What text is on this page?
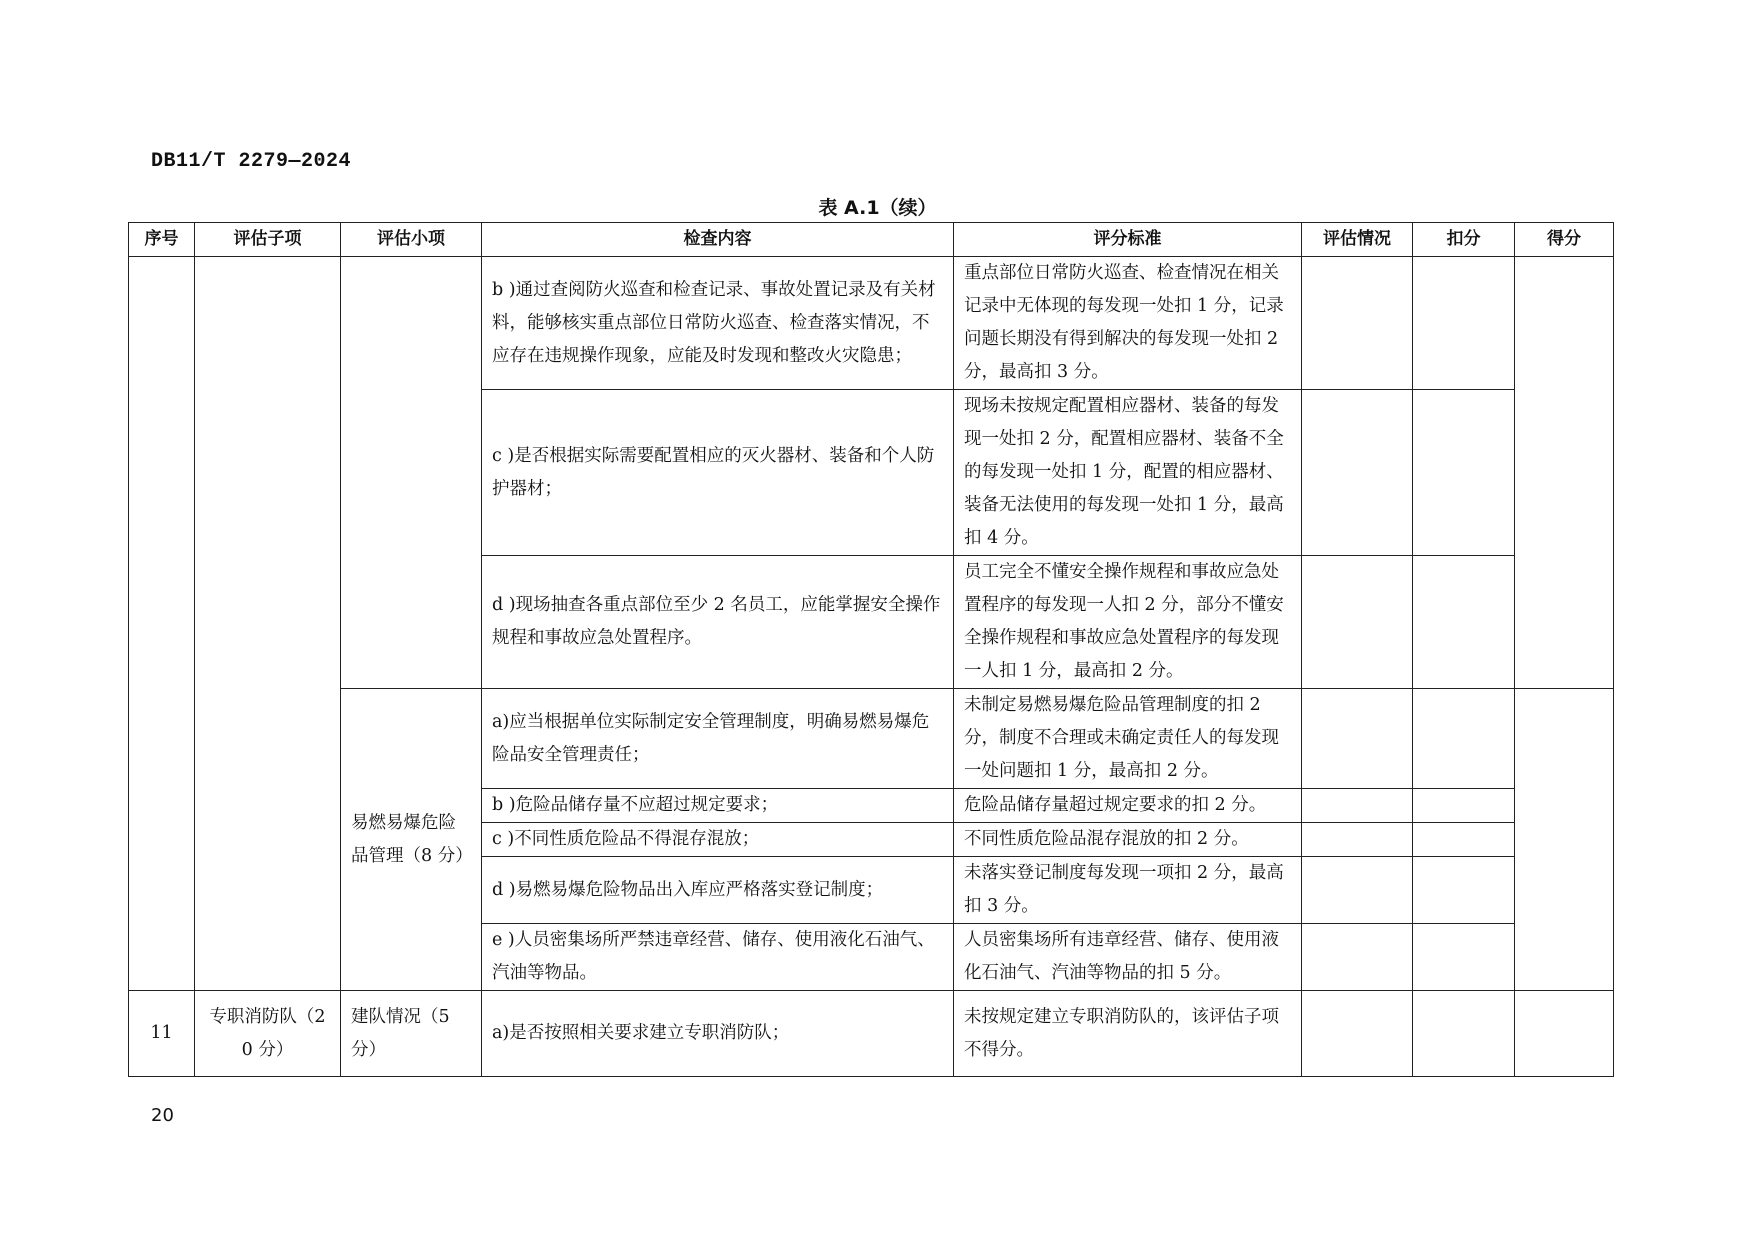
DB11/T 2279—2024
表 A.1（续）
序号	评估子项	评估小项	检查内容	评分标准	评估情况	扣分	得分
			b )通过查阅防火巡查和检查记录、事故处置记录及有关材料，能够核实重点部位日常防火巡查、检查落实情况，不应存在违规操作现象，应能及时发现和整改火灾隐患；	重点部位日常防火巡查、检查情况在相关记录中无体现的每发现一处扣 1 分，记录问题长期没有得到解决的每发现一处扣 2 分，最高扣 3 分。			
			c )是否根据实际需要配置相应的灭火器材、装备和个人防护器材；	现场未按规定配置相应器材、装备的每发现一处扣 2 分，配置相应器材、装备不全的每发现一处扣 1 分，配置的相应器材、装备无法使用的每发现一处扣 1 分，最高扣 4 分。			
			d )现场抽查各重点部位至少 2 名员工，应能掌握安全操作规程和事故应急处置程序。	员工完全不懂安全操作规程和事故应急处置程序的每发现一人扣 2 分，部分不懂安全操作规程和事故应急处置程序的每发现一人扣 1 分，最高扣 2 分。			
		易燃易爆危险品管理（8 分）	a)应当根据单位实际制定安全管理制度，明确易燃易爆危险品安全管理责任；	未制定易燃易爆危险品管理制度的扣 2 分，制度不合理或未确定责任人的每发现一处问题扣 1 分，最高扣 2 分。			
			b )危险品储存量不应超过规定要求；	危险品储存量超过规定要求的扣 2 分。			
			c )不同性质危险品不得混存混放；	不同性质危险品混存混放的扣 2 分。			
			d )易燃易爆危险物品出入库应严格落实登记制度；	未落实登记制度每发现一项扣 2 分，最高扣 3 分。			
			e )人员密集场所严禁违章经营、储存、使用液化石油气、汽油等物品。	人员密集场所有违章经营、储存、使用液化石油气、汽油等物品的扣 5 分。			
11	专职消防队（20 分）	建队情况（5 分）	a)是否按照相关要求建立专职消防队；	未按规定建立专职消防队的，该评估子项不得分。			
20
